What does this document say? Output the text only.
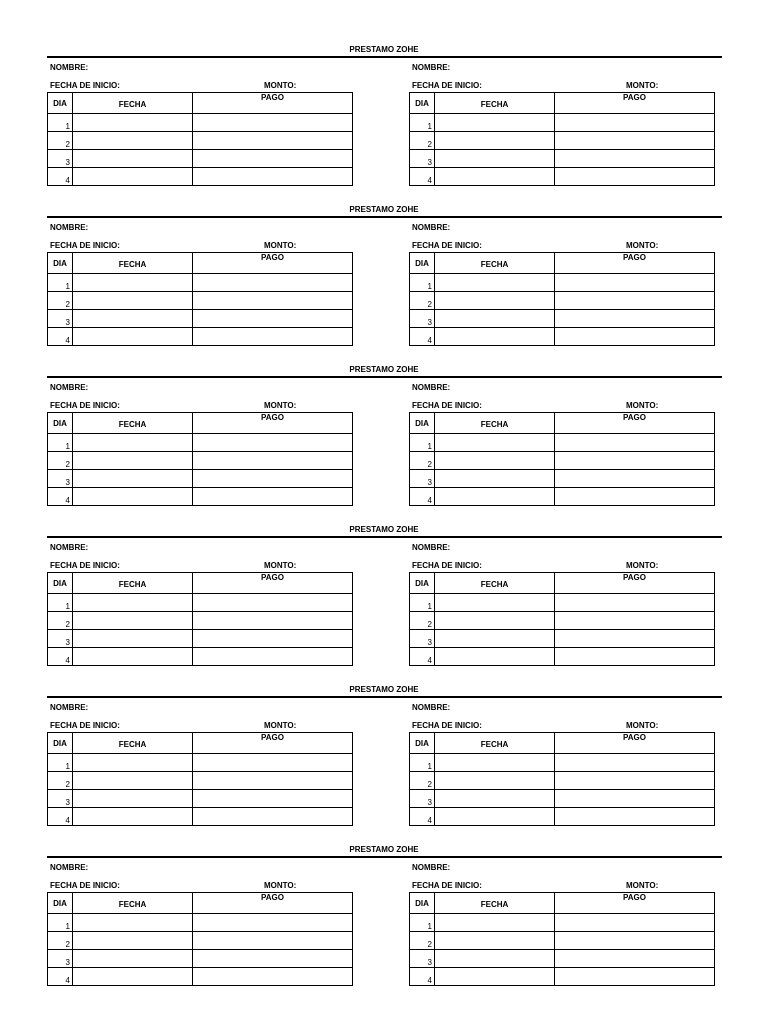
PRESTAMO ZOHE
NOMBRE:
FECHA DE INICIO:	MONTO:
DIA	FECHA	PAGO
1		
2		
3		
4		
NOMBRE:
FECHA DE INICIO:	MONTO:
DIA	FECHA	PAGO
1		
2		
3		
4		
PRESTAMO ZOHE
NOMBRE:
FECHA DE INICIO:	MONTO:
DIA	FECHA	PAGO
1		
2		
3		
4		
NOMBRE:
FECHA DE INICIO:	MONTO:
DIA	FECHA	PAGO
1		
2		
3		
4		
PRESTAMO ZOHE
NOMBRE:
FECHA DE INICIO:	MONTO:
DIA	FECHA	PAGO
1		
2		
3		
4		
NOMBRE:
FECHA DE INICIO:	MONTO:
DIA	FECHA	PAGO
1		
2		
3		
4		
PRESTAMO ZOHE
NOMBRE:
FECHA DE INICIO:	MONTO:
DIA	FECHA	PAGO
1		
2		
3		
4		
NOMBRE:
FECHA DE INICIO:	MONTO:
DIA	FECHA	PAGO
1		
2		
3		
4		
PRESTAMO ZOHE
NOMBRE:
FECHA DE INICIO:	MONTO:
DIA	FECHA	PAGO
1		
2		
3		
4		
NOMBRE:
FECHA DE INICIO:	MONTO:
DIA	FECHA	PAGO
1		
2		
3		
4		
PRESTAMO ZOHE
NOMBRE:
FECHA DE INICIO:	MONTO:
DIA	FECHA	PAGO
1		
2		
3		
4		
NOMBRE:
FECHA DE INICIO:	MONTO:
DIA	FECHA	PAGO
1		
2		
3		
4		
